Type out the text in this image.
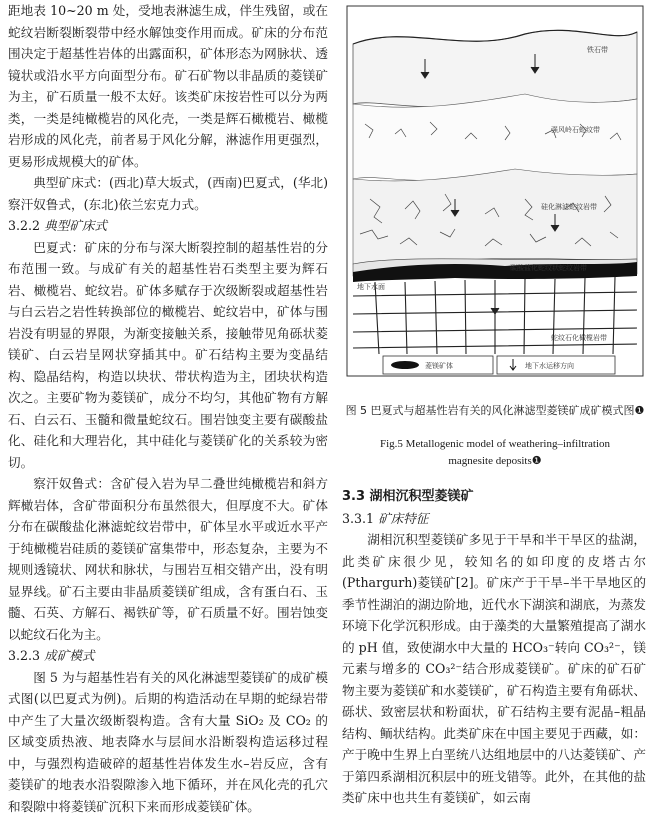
距地表 10~20 m 处，受地表淋滤生成，伴生残留，或在蛇纹岩断裂断裂带中经水解蚀变作用而成。矿床的分布范围决定于超基性岩体的出露面积，矿体形态为网脉状、透镜状或沿水平方向面型分布。矿石矿物以非晶质的菱镁矿为主，矿石质量一般不太好。该类矿床按岩性可以分为两类，一类是纯橄榄岩的风化壳，一类是辉石橄榄岩、橄榄岩形成的风化壳，前者易于风化分解，淋滤作用更强烈，更易形成规模大的矿体。

典型矿床式：(西北)草大坂式，(西南)巴夏式，(华北)察汗奴鲁式，(东北)依兰宏克力式。

3.2.2 典型矿床式

巴夏式：矿床的分布与深大断裂控制的超基性岩的分布范围一致。与成矿有关的超基性岩石类型主要为辉石岩、橄榄岩、蛇纹岩。矿体多赋存于次级断裂或超基性岩与白云岩之岩性转换部位的橄榄岩、蛇纹岩中，矿体与围岩没有明显的界限，为渐变接触关系，接触带见角砾状菱镁矿、白云岩呈网状穿插其中。矿石结构主要为变晶结构、隐晶结构，构造以块状、带状构造为主，团块状构造次之。主要矿物为菱镁矿，成分不均匀，其他矿物有方解石、白云石、玉髓和微量蛇纹石。围岩蚀变主要有碳酸盐化、硅化和大理岩化，其中硅化与菱镁矿化的关系较为密切。

察汗奴鲁式：含矿侵入岩为早二叠世纯橄榄岩和斜方辉橄岩体，含矿带面积分布虽然很大，但厚度不大。矿体分布在碳酸盐化淋滤蛇纹岩带中，矿体呈水平或近水平产于纯橄榄岩硅质的菱镁矿富集带中，形态复杂，主要为不规则透镜状、网状和脉状，与围岩互相交错产出，没有明显界线。矿石主要由非晶质菱镁矿组成，含有蛋白石、玉髓、石英、方解石、褐铁矿等，矿石质量不好。围岩蚀变以蛇纹石化为主。

3.2.3 成矿模式

图 5 为与超基性岩有关的风化淋滤型菱镁矿的成矿模式图(以巴夏式为例)。后期的构造活动在早期的蛇绿岩带中产生了大量次级断裂构造。含有大量 SiO₂ 及 CO₂ 的区域变质热液、地表降水与层间水沿断裂构造运移过程中，与强烈构造破碎的超基性岩体发生水–岩反应，含有菱镁矿的地表水沿裂隙渗入地下循环，并在风化壳的孔穴和裂隙中将菱镁矿沉积下来而形成菱镁矿体。

铁石带
强风岭石蛇纹带
硅化淋滤蛇纹岩带
碳酸盐化蛇纹状蛇纹岩带
地下水面
蛇纹石化橄榄岩带
菱镁矿体	地下水运移方向
图 5 巴夏式与超基性岩有关的风化淋滤型菱镁矿成矿模式图❶
Fig.5 Metallogenic model of weathering–infiltration
magnesite deposits❶

3.3 湖相沉积型菱镁矿

3.3.1 矿床特征

湖相沉积型菱镁矿多见于干旱和半干旱区的盐湖，此类矿床很少见，较知名的如印度的皮塔古尔(Pthargurh)菱镁矿[2]。矿床产于干旱–半干旱地区的季节性湖泊的湖边阶地，近代水下湖滨和湖底，为蒸发环境下化学沉积形成。由于藻类的大量繁殖提高了湖水的 pH 值，致使湖水中大量的 HCO₃⁻转向 CO₃²⁻，镁元素与增多的 CO₃²⁻结合形成菱镁矿。矿床的矿石矿物主要为菱镁矿和水菱镁矿，矿石构造主要有角砾状、砾状、致密层状和粉面状，矿石结构主要有泥晶–粗晶结构、鲕状结构。此类矿床在中国主要见于西藏，如：产于晚中生界上白垩统八达组地层中的八达菱镁矿、产于第四系湖相沉积层中的班戈错等。此外，在其他的盐类矿床中也共生有菱镁矿，如云南
